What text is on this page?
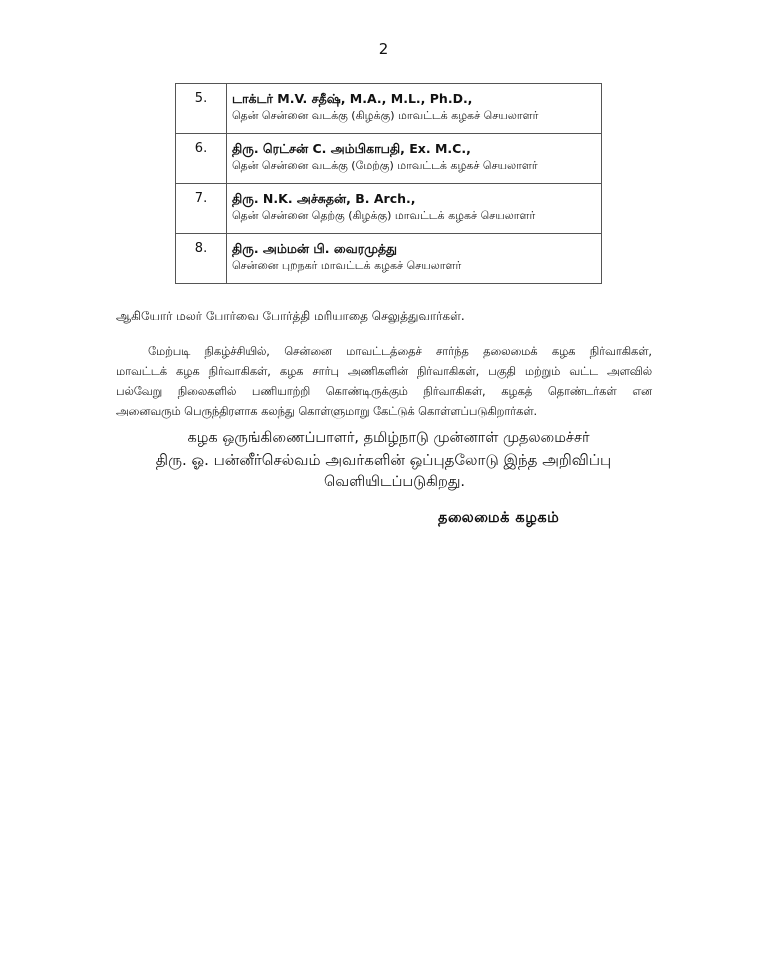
2
5.	டாக்டர் M.V. சதீஷ், M.A., M.L., Ph.D.,
தென் சென்னை வடக்கு (கிழக்கு) மாவட்டக் கழகச் செயலாளர்

6.	திரு. ரெட்சன் C. அம்பிகாபதி, Ex. M.C.,
தென் சென்னை வடக்கு (மேற்கு) மாவட்டக் கழகச் செயலாளர்

7.	திரு. N.K. அச்சுதன், B. Arch.,
தென் சென்னை தெற்கு (கிழக்கு) மாவட்டக் கழகச் செயலாளர்

8.	திரு. அம்மன் பி. வைரமுத்து
சென்னை புறநகர் மாவட்டக் கழகச் செயலாளர்
ஆகியோர் மலர் போர்வை போர்த்தி மரியாதை செலுத்துவார்கள்.
மேற்படி நிகழ்ச்சியில், சென்னை மாவட்டத்தைச் சார்ந்த தலைமைக் கழக நிர்வாகிகள்,
மாவட்டக் கழக நிர்வாகிகள், கழக சார்பு அணிகளின் நிர்வாகிகள், பகுதி மற்றும் வட்ட அளவில்
பல்வேறு நிலைகளில் பணியாற்றி கொண்டிருக்கும் நிர்வாகிகள், கழகத் தொண்டர்கள் என
அனைவரும் பெருந்திரளாக கலந்து கொள்ளுமாறு கேட்டுக் கொள்ளப்படுகிறார்கள்.
கழக ஒருங்கிணைப்பாளர், தமிழ்நாடு முன்னாள் முதலமைச்சர்
திரு. ஓ. பன்னீர்செல்வம் அவர்களின் ஒப்புதலோடு இந்த அறிவிப்பு
வெளியிடப்படுகிறது.
தலைமைக் கழகம்
